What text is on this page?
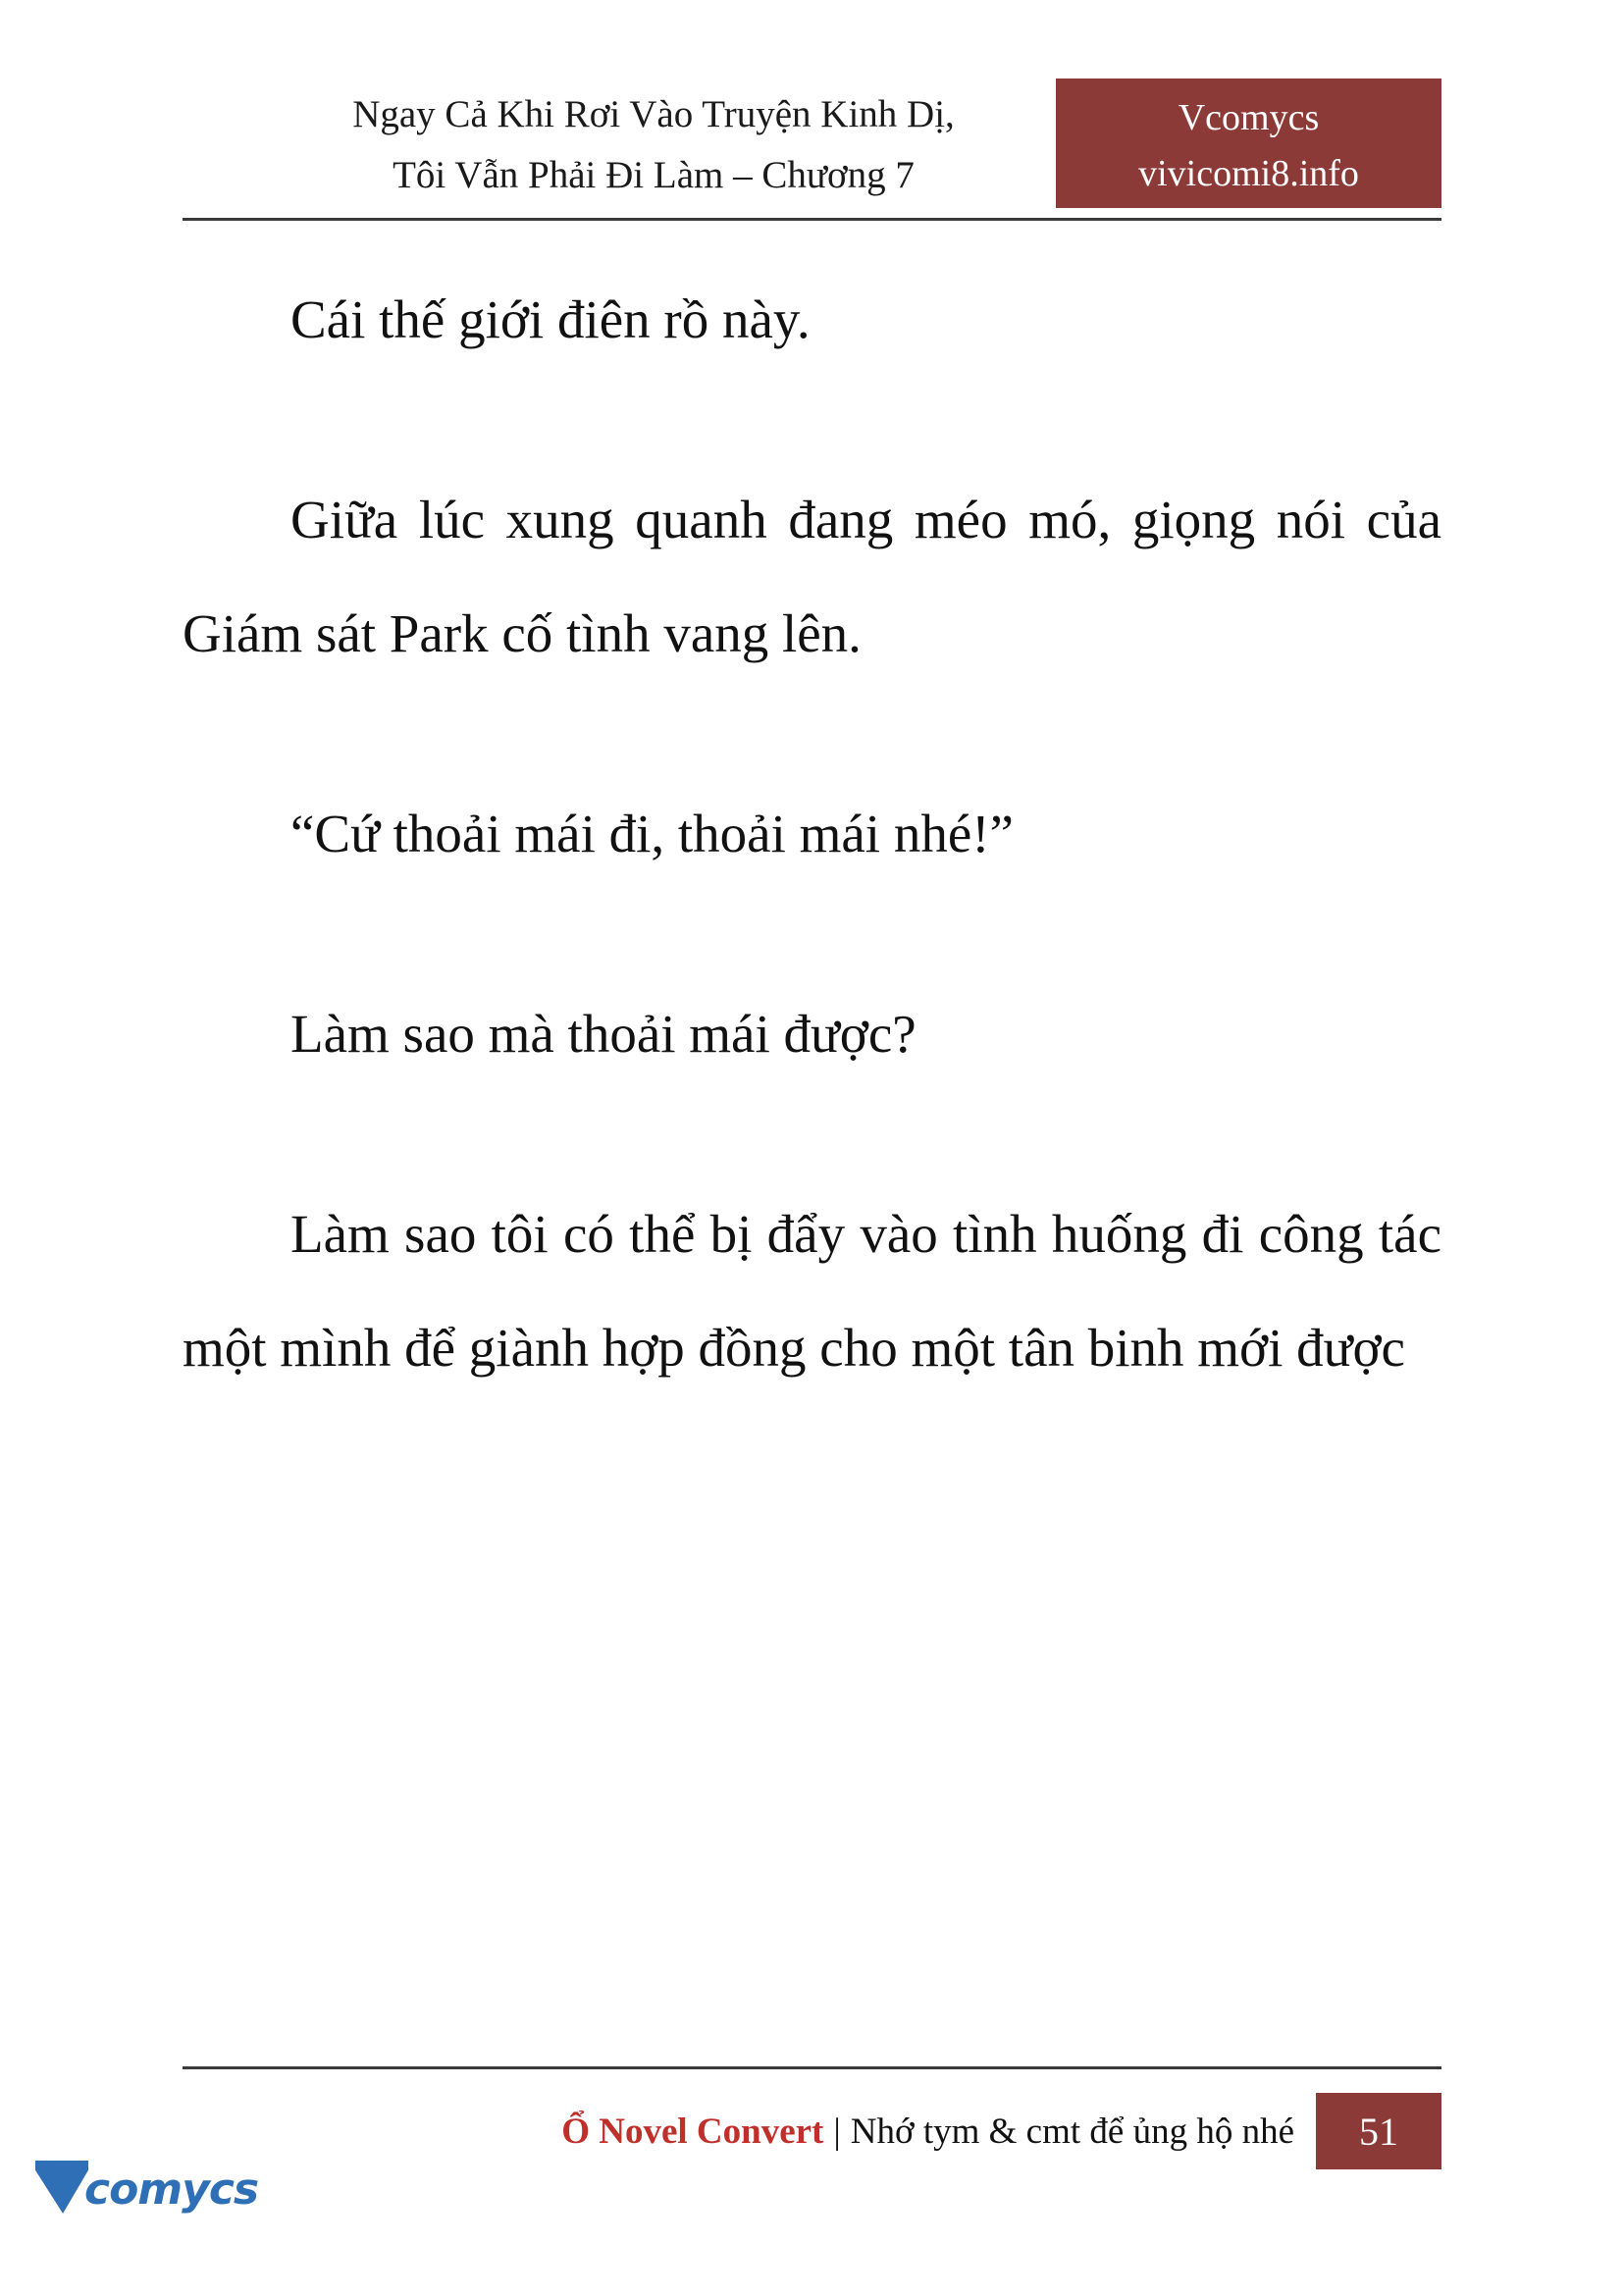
Ngay Cả Khi Rơi Vào Truyện Kinh Dị,
Tôi Vẫn Phải Đi Làm – Chương 7
Vcomycs
vivicomi8.info

Cái thế giới điên rồ này.

Giữa lúc xung quanh đang méo mó, giọng nói của Giám sát Park cố tình vang lên.

“Cứ thoải mái đi, thoải mái nhé!”

Làm sao mà thoải mái được?

Làm sao tôi có thể bị đẩy vào tình huống đi công tác một mình để giành hợp đồng cho một tân binh mới được

Ổ Novel Convert | Nhớ tym & cmt để ủng hộ nhé	51
comycs
